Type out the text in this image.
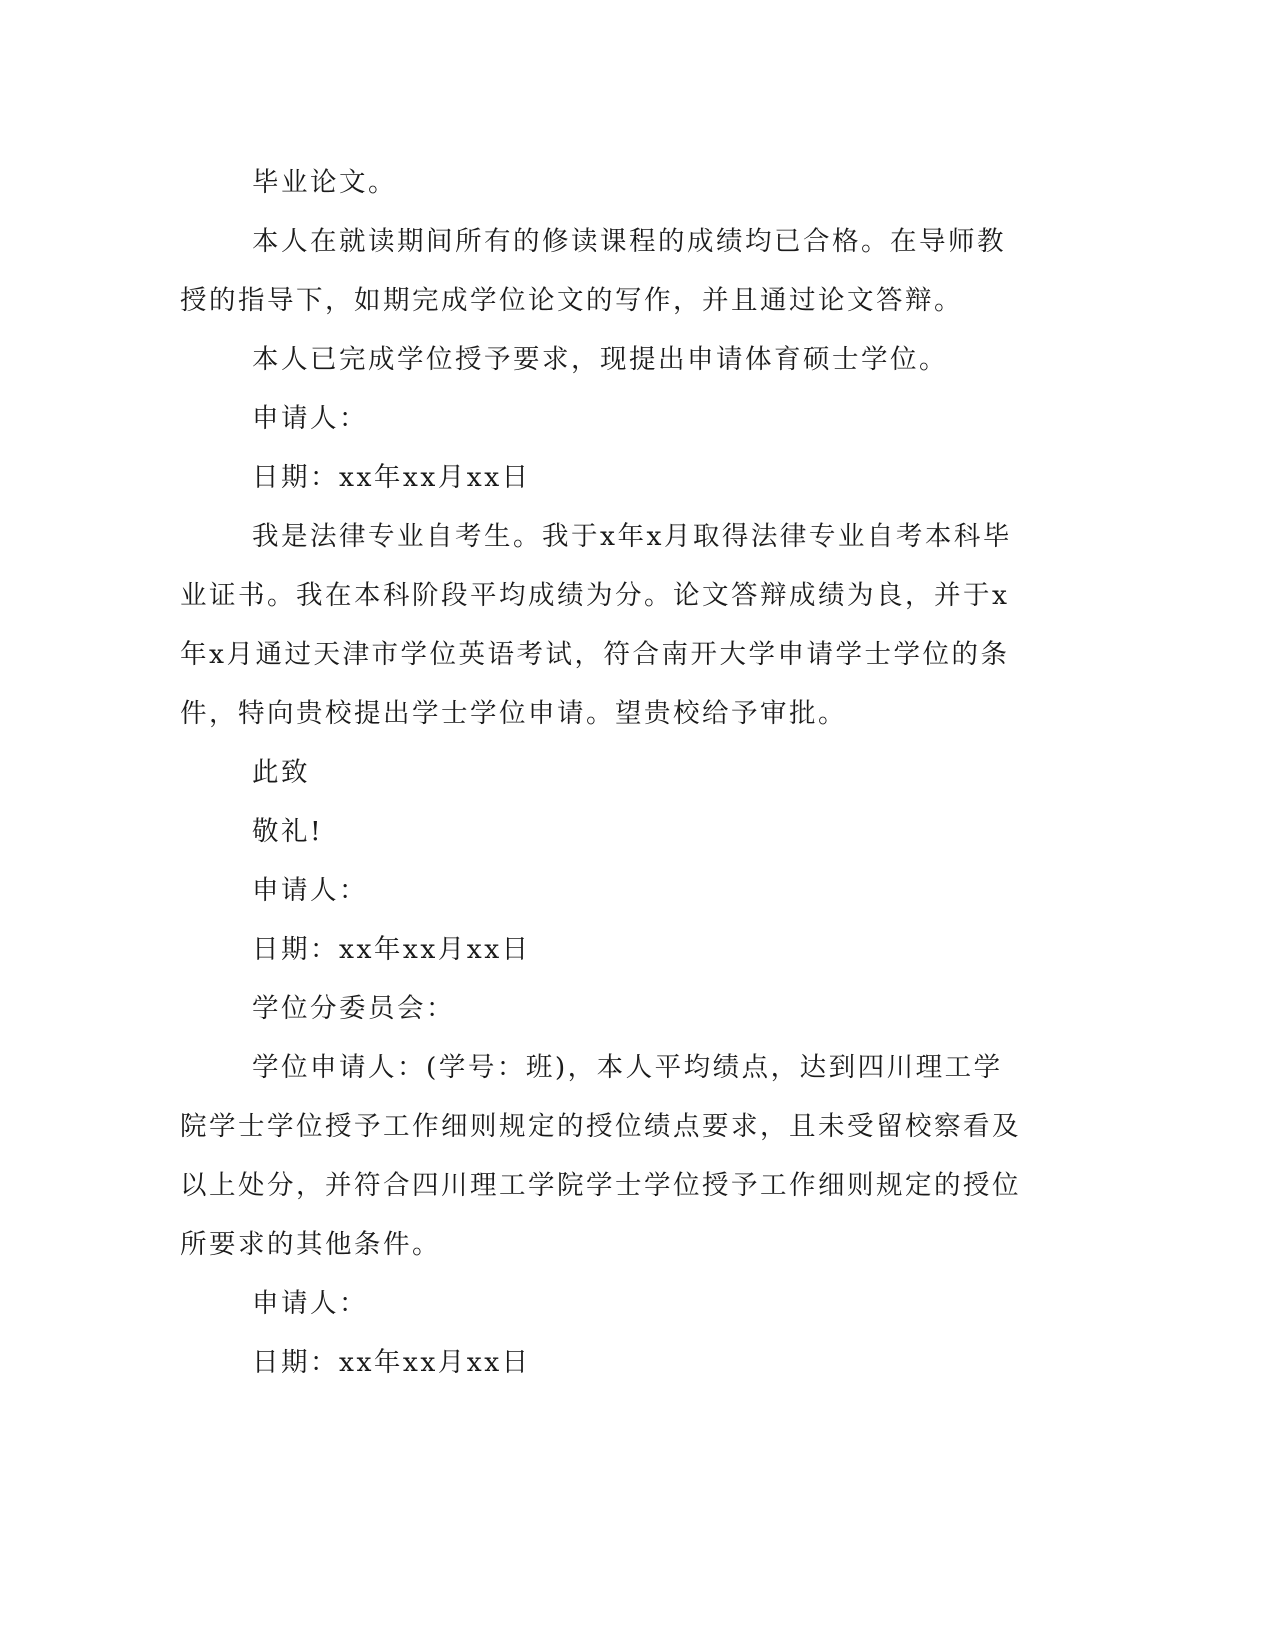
毕业论文。

本人在就读期间所有的修读课程的成绩均已合格。在导师教授的指导下，如期完成学位论文的写作，并且通过论文答辩。

本人已完成学位授予要求，现提出申请体育硕士学位。

申请人：

日期：xx年xx月xx日

我是法律专业自考生。我于x年x月取得法律专业自考本科毕业证书。我在本科阶段平均成绩为分。论文答辩成绩为良，并于x年x月通过天津市学位英语考试，符合南开大学申请学士学位的条件，特向贵校提出学士学位申请。望贵校给予审批。

此致

敬礼!

申请人：

日期：xx年xx月xx日

学位分委员会：

学位申请人：(学号：班)，本人平均绩点，达到四川理工学院学士学位授予工作细则规定的授位绩点要求，且未受留校察看及以上处分，并符合四川理工学院学士学位授予工作细则规定的授位所要求的其他条件。

申请人：

日期：xx年xx月xx日
